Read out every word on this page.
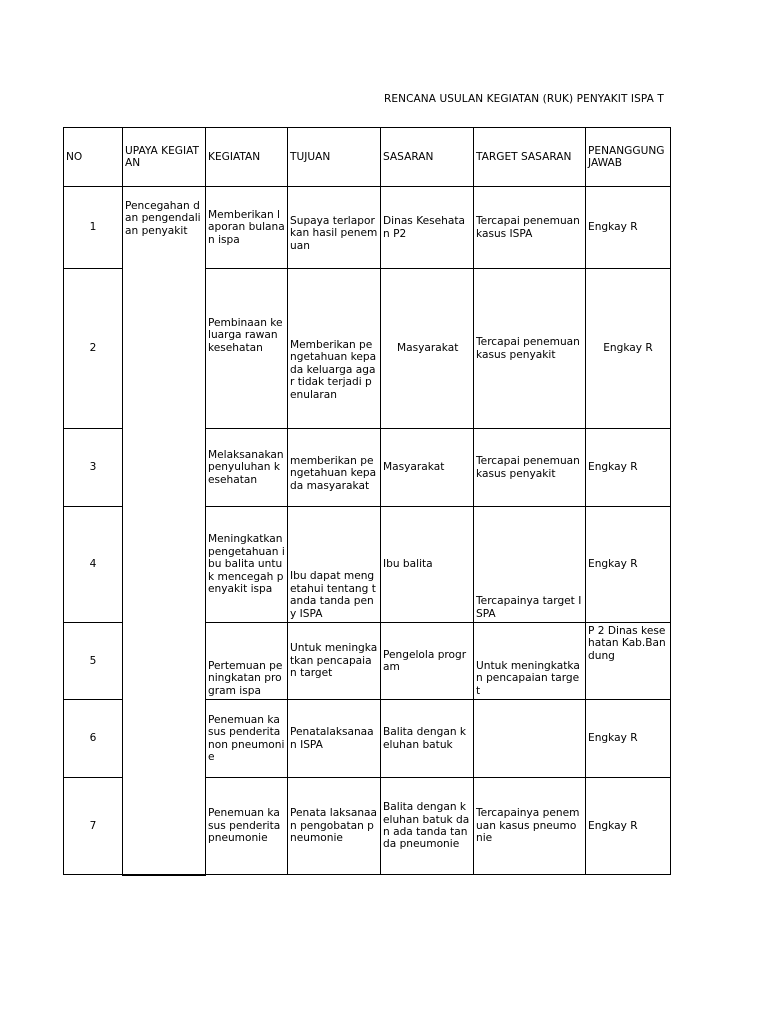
RENCANA USULAN KEGIATAN (RUK) PENYAKIT ISPA T
NO	UPAYA KEGIATAN	KEGIATAN	TUJUAN	SASARAN	TARGET SASARAN	PENANGGUNG JAWAB
1	Pencegahan dan pengendalian penyakit	Memberikan laporan bulanan ispa	Supaya terlaporkan hasil penemuan	Dinas Kesehatan P2	Tercapai penemuan kasus ISPA	Engkay R
2		Pembinaan keluarga rawan kesehatan	Memberikan pengetahuan kepada keluarga agar tidak terjadi penularan	Masyarakat	Tercapai penemuan kasus penyakit	Engkay R
3		Melaksanakan penyuluhan kesehatan	memberikan pengetahuan kepada masyarakat	Masyarakat	Tercapai penemuan kasus penyakit	Engkay R
4		Meningkatkan pengetahuan ibu balita untuk mencegah penyakit ispa	Ibu dapat mengetahui tentang tanda tanda peny ISPA	Ibu balita	Tercapainya target ISPA	Engkay R
5		Pertemuan peningkatan program ispa	Untuk meningkatkan pencapaian target	Pengelola program	Untuk meningkatkan pencapaian target	P 2 Dinas kesehatan Kab.Bandung
6		Penemuan kasus penderita non pneumonie	Penatalaksanaan ISPA	Balita dengan keluhan batuk		Engkay R
7		Penemuan kasus penderita pneumonie	Penata laksanaan pengobatan pneumonie	Balita dengan keluhan batuk dan ada tanda tanda pneumonie	Tercapainya penemuan kasus pneumonie	Engkay R
